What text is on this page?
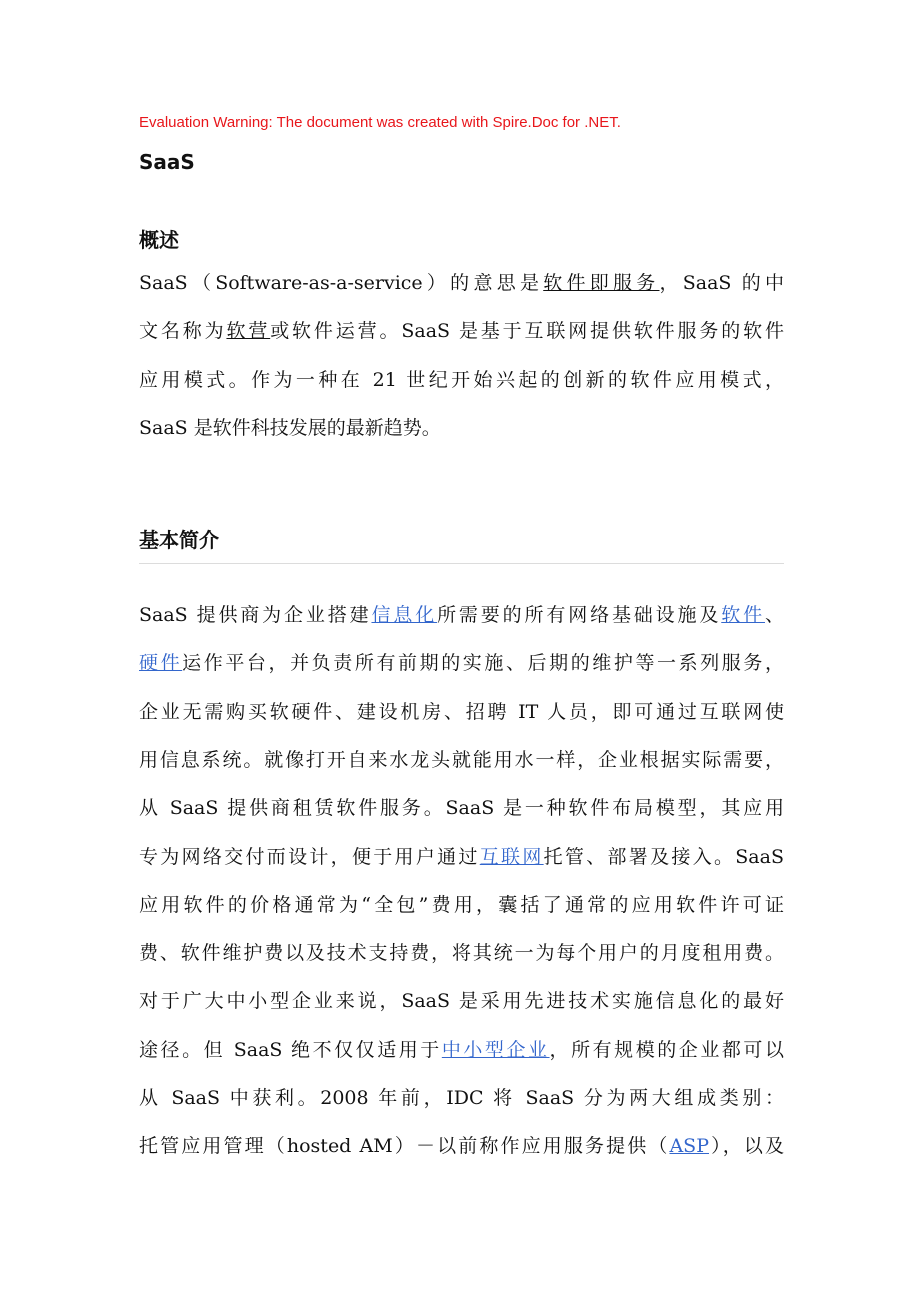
Evaluation Warning: The document was created with Spire.Doc for .NET.
SaaS
概述
SaaS（Software-as-a-service）的意思是软件即服务，SaaS 的中
文名称为软营或软件运营。SaaS 是基于互联网提供软件服务的软件
应用模式。作为一种在 21 世纪开始兴起的创新的软件应用模式，
SaaS 是软件科技发展的最新趋势。
基本简介
SaaS 提供商为企业搭建信息化所需要的所有网络基础设施及软件、
硬件运作平台，并负责所有前期的实施、后期的维护等一系列服务，
企业无需购买软硬件、建设机房、招聘 IT 人员，即可通过互联网使
用信息系统。就像打开自来水龙头就能用水一样，企业根据实际需要，
从 SaaS 提供商租赁软件服务。SaaS 是一种软件布局模型，其应用
专为网络交付而设计，便于用户通过互联网托管、部署及接入。SaaS
应用软件的价格通常为“全包”费用，囊括了通常的应用软件许可证
费、软件维护费以及技术支持费，将其统一为每个用户的月度租用费。
对于广大中小型企业来说，SaaS 是采用先进技术实施信息化的最好
途径。但 SaaS 绝不仅仅适用于中小型企业，所有规模的企业都可以
从 SaaS 中获利。2008 年前，IDC 将 SaaS 分为两大组成类别：
托管应用管理（hosted AM）－以前称作应用服务提供（ASP），以及
